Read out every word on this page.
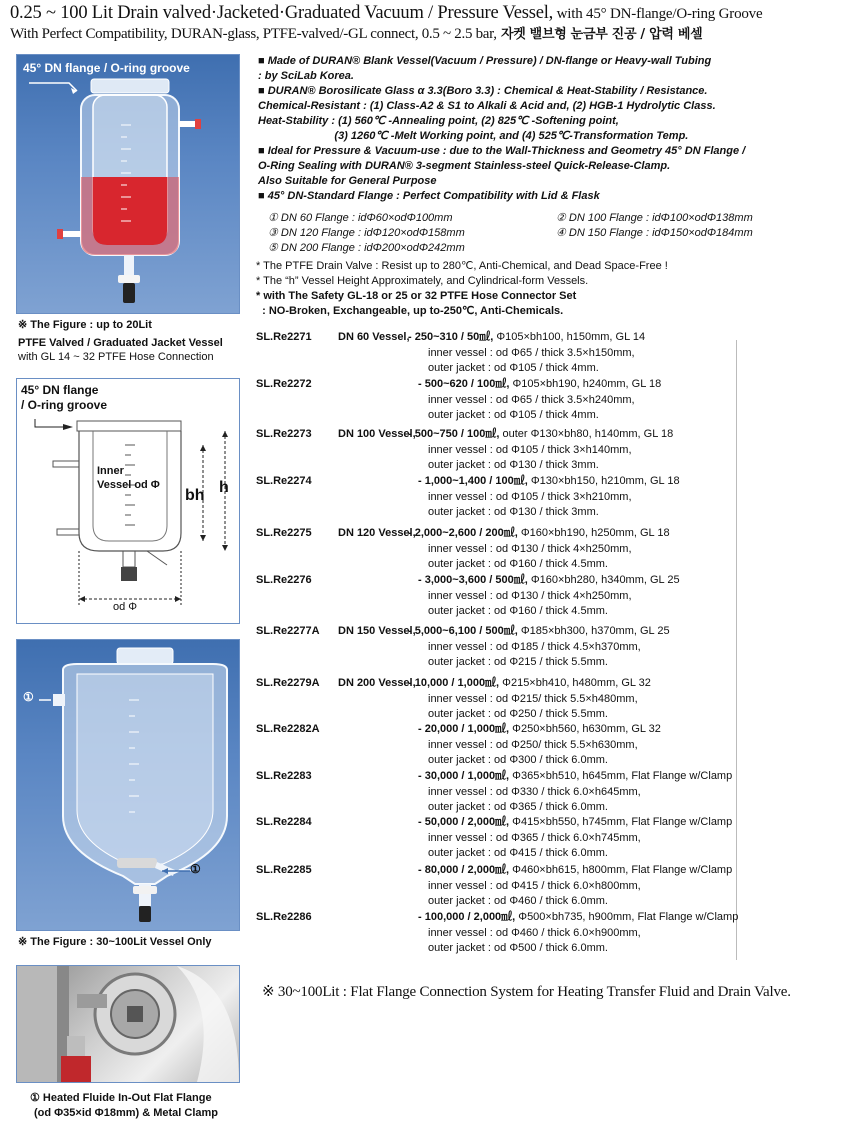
0.25 ~ 100 Lit Drain valved·Jacketed·Graduated Vacuum / Pressure Vessel, with 45° DN-flange/O-ring Groove
With Perfect Compatibility, DURAN-glass, PTFE-valved/-GL connect, 0.5 ~ 2.5 bar, 자켓 밸브형 눈금부 진공 / 압력 베셀
45° DN flange / O-ring groove
※ The Figure : up to 20Lit
PTFE Valved / Graduated Jacket Vessel
with GL 14 ~ 32 PTFE Hose Connection
45° DN flange
/ O-ring groove
Inner
Vessel od Φ
bh h
od Φ
①
①
※ The Figure : 30~100Lit Vessel Only
① Heated Fluide In-Out Flat Flange
(od Φ35×id Φ18mm) & Metal Clamp
■ Made of DURAN® Blank Vessel(Vacuum / Pressure) / DN-flange or Heavy-wall Tubing
: by SciLab Korea.
■ DURAN® Borosilicate Glass α 3.3(Boro 3.3) : Chemical & Heat-Stability / Resistance.
Chemical-Resistant : (1) Class-A2 & S1 to Alkali & Acid and, (2) HGB-1 Hydrolytic Class.
Heat-Stability : (1) 560℃ -Annealing point, (2) 825℃ -Softening point,
(3) 1260℃ -Melt Working point, and (4) 525℃-Transformation Temp.
■ Ideal for Pressure & Vacuum-use : due to the Wall-Thickness and Geometry 45° DN Flange /
O-Ring Sealing with DURAN® 3-segment Stainless-steel Quick-Release-Clamp.
Also Suitable for General Purpose
■ 45° DN-Standard Flange : Perfect Compatibility with Lid & Flask
① DN 60 Flange : idΦ60×odΦ100mm
③ DN 120 Flange : idΦ120×odΦ158mm
⑤ DN 200 Flange : idΦ200×odΦ242mm
② DN 100 Flange : idΦ100×odΦ138mm
④ DN 150 Flange : idΦ150×odΦ184mm
* The PTFE Drain Valve : Resist up to 280℃, Anti-Chemical, and Dead Space-Free !
* The “h” Vessel Height Approximately, and Cylindrical-form Vessels.
* with The Safety GL-18 or 25 or 32 PTFE Hose Connector Set
: NO-Broken, Exchangeable, up to-250℃, Anti-Chemicals.
SL.Re2271 DN 60 Vessel,
- 250~310 / 50㎖, Φ105×bh100, h150mm, GL 14
inner vessel : od Φ65 / thick 3.5×h150mm,
outer jacket : od Φ105 / thick 4mm.
SL.Re2272	- 500~620 / 100㎖, Φ105×bh190, h240mm, GL 18
inner vessel : od Φ65 / thick 3.5×h240mm,
outer jacket : od Φ105 / thick 4mm.
SL.Re2273 DN 100 Vessel,
- 500~750 / 100㎖, outer Φ130×bh80, h140mm, GL 18
inner vessel : od Φ105 / thick 3×h140mm,
outer jacket : od Φ130 / thick 3mm.
SL.Re2274	- 1,000~1,400 / 100㎖, Φ130×bh150, h210mm, GL 18
inner vessel : od Φ105 / thick 3×h210mm,
outer jacket : od Φ130 / thick 3mm.
SL.Re2275 DN 120 Vessel,
- 2,000~2,600 / 200㎖, Φ160×bh190, h250mm, GL 18
inner vessel : od Φ130 / thick 4×h250mm,
outer jacket : od Φ160 / thick 4.5mm.
SL.Re2276	- 3,000~3,600 / 500㎖, Φ160×bh280, h340mm, GL 25
inner vessel : od Φ130 / thick 4×h250mm,
outer jacket : od Φ160 / thick 4.5mm.
SL.Re2277A DN 150 Vessel,
- 5,000~6,100 / 500㎖, Φ185×bh300, h370mm, GL 25
inner vessel : od Φ185 / thick 4.5×h370mm,
outer jacket : od Φ215 / thick 5.5mm.
SL.Re2279A DN 200 Vessel,
- 10,000 / 1,000㎖, Φ215×bh410, h480mm, GL 32
inner vessel : od Φ215/ thick 5.5×h480mm,
outer jacket : od Φ250 / thick 5.5mm.
SL.Re2282A	- 20,000 / 1,000㎖, Φ250×bh560, h630mm, GL 32
inner vessel : od Φ250/ thick 5.5×h630mm,
outer jacket : od Φ300 / thick 6.0mm.
SL.Re2283	- 30,000 / 1,000㎖, Φ365×bh510, h645mm, Flat Flange w/Clamp
inner vessel : od Φ330 / thick 6.0×h645mm,
outer jacket : od Φ365 / thick 6.0mm.
SL.Re2284	- 50,000 / 2,000㎖, Φ415×bh550, h745mm, Flat Flange w/Clamp
inner vessel : od Φ365 / thick 6.0×h745mm,
outer jacket : od Φ415 / thick 6.0mm.
SL.Re2285	- 80,000 / 2,000㎖, Φ460×bh615, h800mm, Flat Flange w/Clamp
inner vessel : od Φ415 / thick 6.0×h800mm,
outer jacket : od Φ460 / thick 6.0mm.
SL.Re2286	- 100,000 / 2,000㎖, Φ500×bh735, h900mm, Flat Flange w/Clamp
inner vessel : od Φ460 / thick 6.0×h900mm,
outer jacket : od Φ500 / thick 6.0mm.
※ 30~100Lit : Flat Flange Connection System for Heating Transfer Fluid and Drain Valve.
